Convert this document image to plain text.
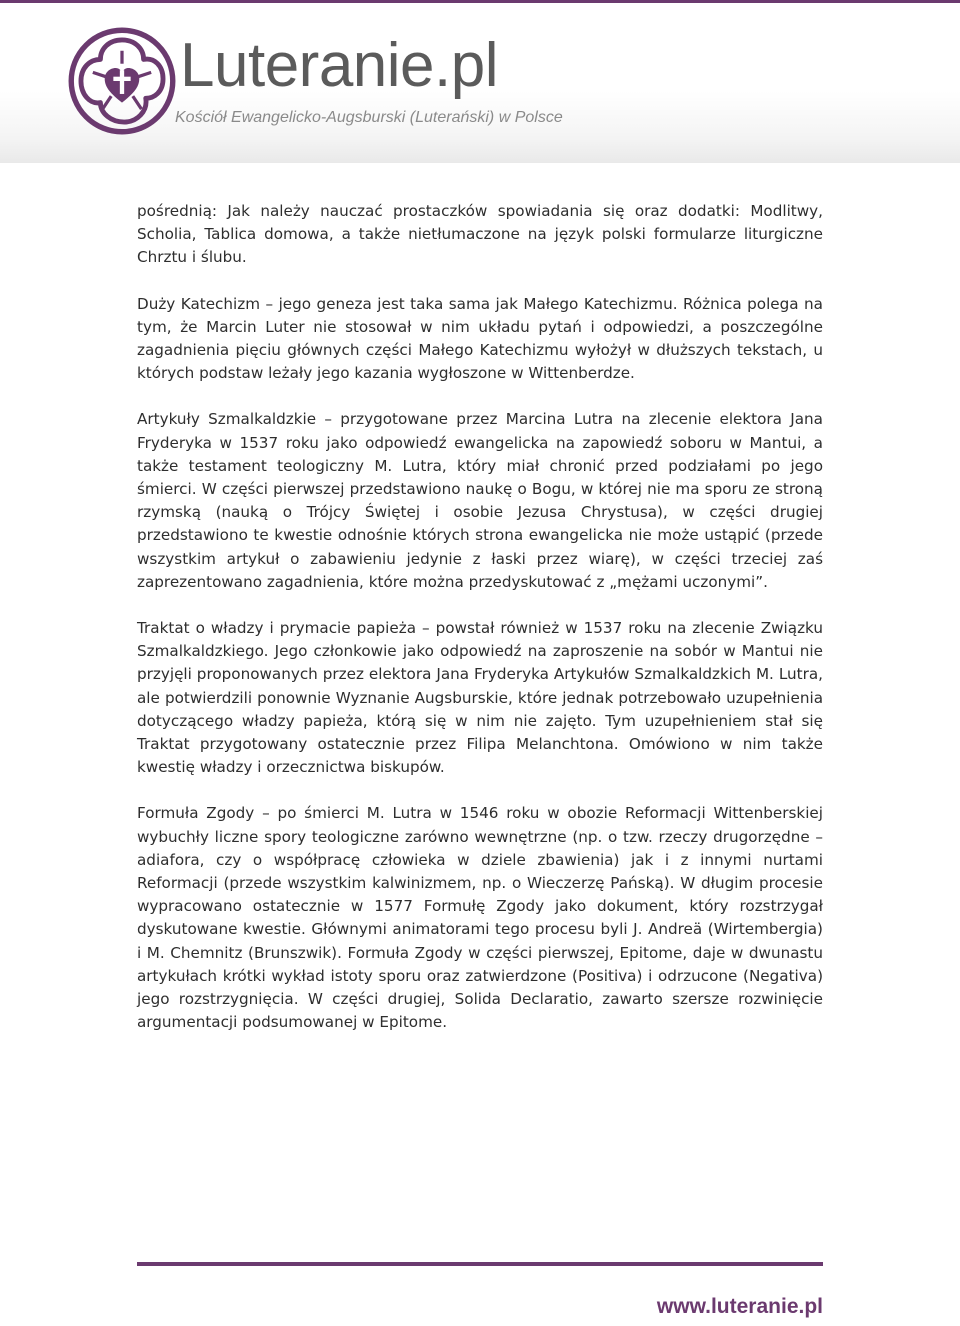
Luteranie.pl
Kościół Ewangelicko-Augsburski (Luterański) w Polsce

pośrednią: Jak należy nauczać prostaczków spowiadania się oraz dodatki: Modlitwy, Scholia, Tablica domowa, a także nietłumaczone na język polski formularze liturgiczne Chrztu i ślubu.

Duży Katechizm – jego geneza jest taka sama jak Małego Katechizmu. Różnica polega na tym, że Marcin Luter nie stosował w nim układu pytań i odpowiedzi, a poszczególne zagadnienia pięciu głównych części Małego Katechizmu wyłożył w dłuższych tekstach, u których podstaw leżały jego kazania wygłoszone w Wittenberdze.

Artykuły Szmalkaldzkie – przygotowane przez Marcina Lutra na zlecenie elektora Jana Fryderyka w 1537 roku jako odpowiedź ewangelicka na zapowiedź soboru w Mantui, a także testament teologiczny M. Lutra, który miał chronić przed podziałami po jego śmierci. W części pierwszej przedstawiono naukę o Bogu, w której nie ma sporu ze stroną rzymską (nauką o Trójcy Świętej i osobie Jezusa Chrystusa), w części drugiej przedstawiono te kwestie odnośnie których strona ewangelicka nie może ustąpić (przede wszystkim artykuł o zabawieniu jedynie z łaski przez wiarę), w części trzeciej zaś zaprezentowano zagadnienia, które można przedyskutować z „mężami uczonymi”.

Traktat o władzy i prymacie papieża – powstał również w 1537 roku na zlecenie Związku Szmalkaldzkiego. Jego członkowie jako odpowiedź na zaproszenie na sobór w Mantui nie przyjęli proponowanych przez elektora Jana Fryderyka Artykułów Szmalkaldzkich M. Lutra, ale potwierdzili ponownie Wyznanie Augsburskie, które jednak potrzebowało uzupełnienia dotyczącego władzy papieża, którą się w nim nie zajęto. Tym uzupełnieniem stał się Traktat przygotowany ostatecznie przez Filipa Melanchtona. Omówiono w nim także kwestię władzy i orzecznictwa biskupów.

Formuła Zgody – po śmierci M. Lutra w 1546 roku w obozie Reformacji Wittenberskiej wybuchły liczne spory teologiczne zarówno wewnętrzne (np. o tzw. rzeczy drugorzędne – adiafora, czy o współpracę człowieka w dziele zbawienia) jak i z innymi nurtami Reformacji (przede wszystkim kalwinizmem, np. o Wieczerzę Pańską). W długim procesie wypracowano ostatecznie w 1577 Formułę Zgody jako dokument, który rozstrzygał dyskutowane kwestie. Głównymi animatorami tego procesu byli J. Andreä (Wirtembergia) i M. Chemnitz (Brunszwik). Formuła Zgody w części pierwszej, Epitome, daje w dwunastu artykułach krótki wykład istoty sporu oraz zatwierdzone (Positiva) i odrzucone (Negativa) jego rozstrzygnięcia. W części drugiej, Solida Declaratio, zawarto szersze rozwinięcie argumentacji podsumowanej w Epitome.

www.luteranie.pl
